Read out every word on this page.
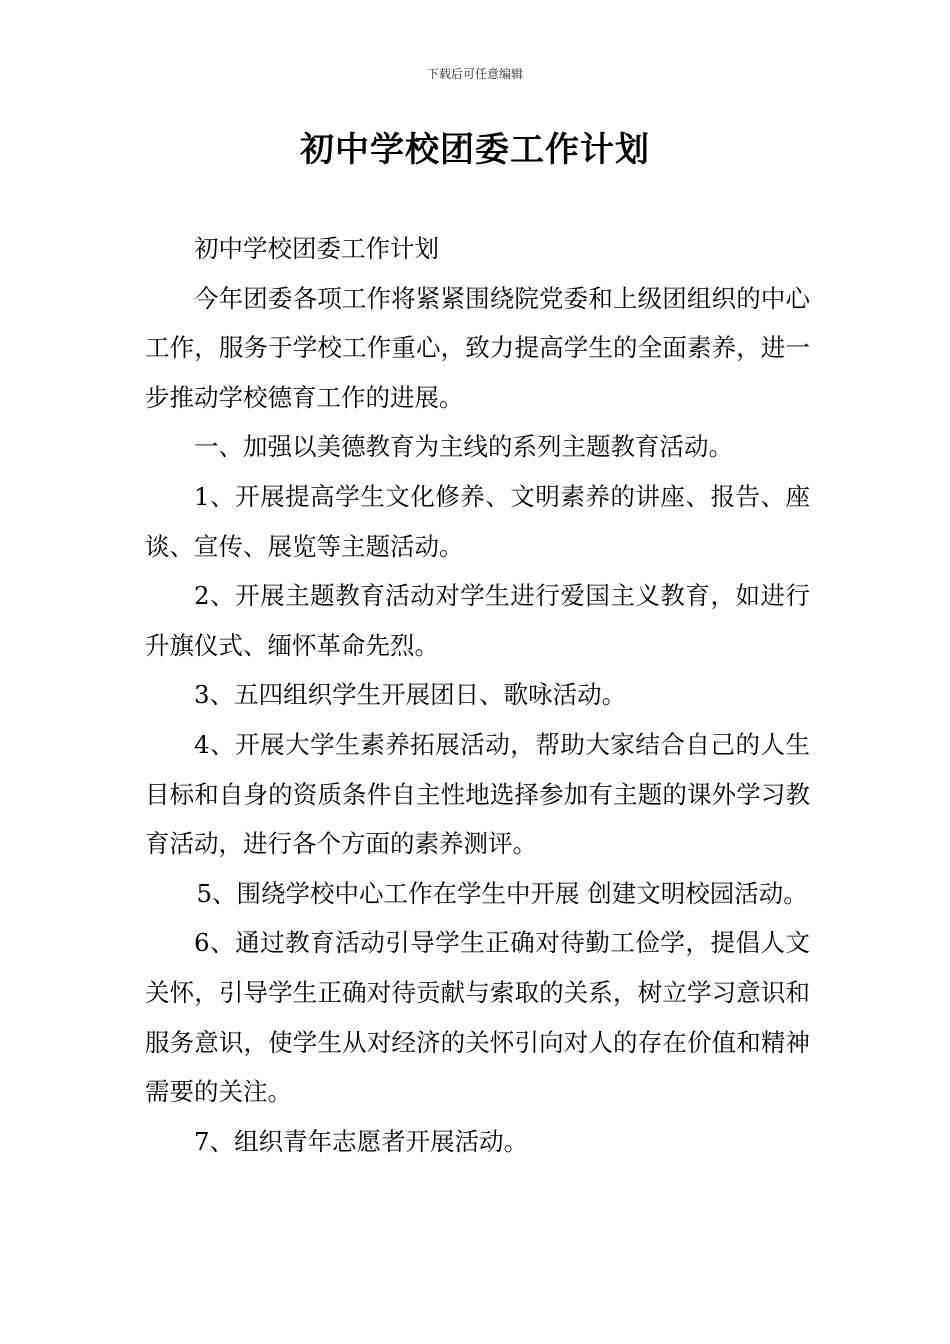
下载后可任意编辑
初中学校团委工作计划

初中学校团委工作计划

今年团委各项工作将紧紧围绕院党委和上级团组织的中心工作，服务于学校工作重心，致力提高学生的全面素养，进一步推动学校德育工作的进展。

一、加强以美德教育为主线的系列主题教育活动。

1、开展提高学生文化修养、文明素养的讲座、报告、座谈、宣传、展览等主题活动。

2、开展主题教育活动对学生进行爱国主义教育，如进行升旗仪式、缅怀革命先烈。

3、五四组织学生开展团日、歌咏活动。

4、开展大学生素养拓展活动，帮助大家结合自己的人生目标和自身的资质条件自主性地选择参加有主题的课外学习教育活动，进行各个方面的素养测评。

5、围绕学校中心工作在学生中开展 创建文明校园活动。

6、通过教育活动引导学生正确对待勤工俭学，提倡人文关怀，引导学生正确对待贡献与索取的关系，树立学习意识和服务意识，使学生从对经济的关怀引向对人的存在价值和精神需要的关注。

7、组织青年志愿者开展活动。
